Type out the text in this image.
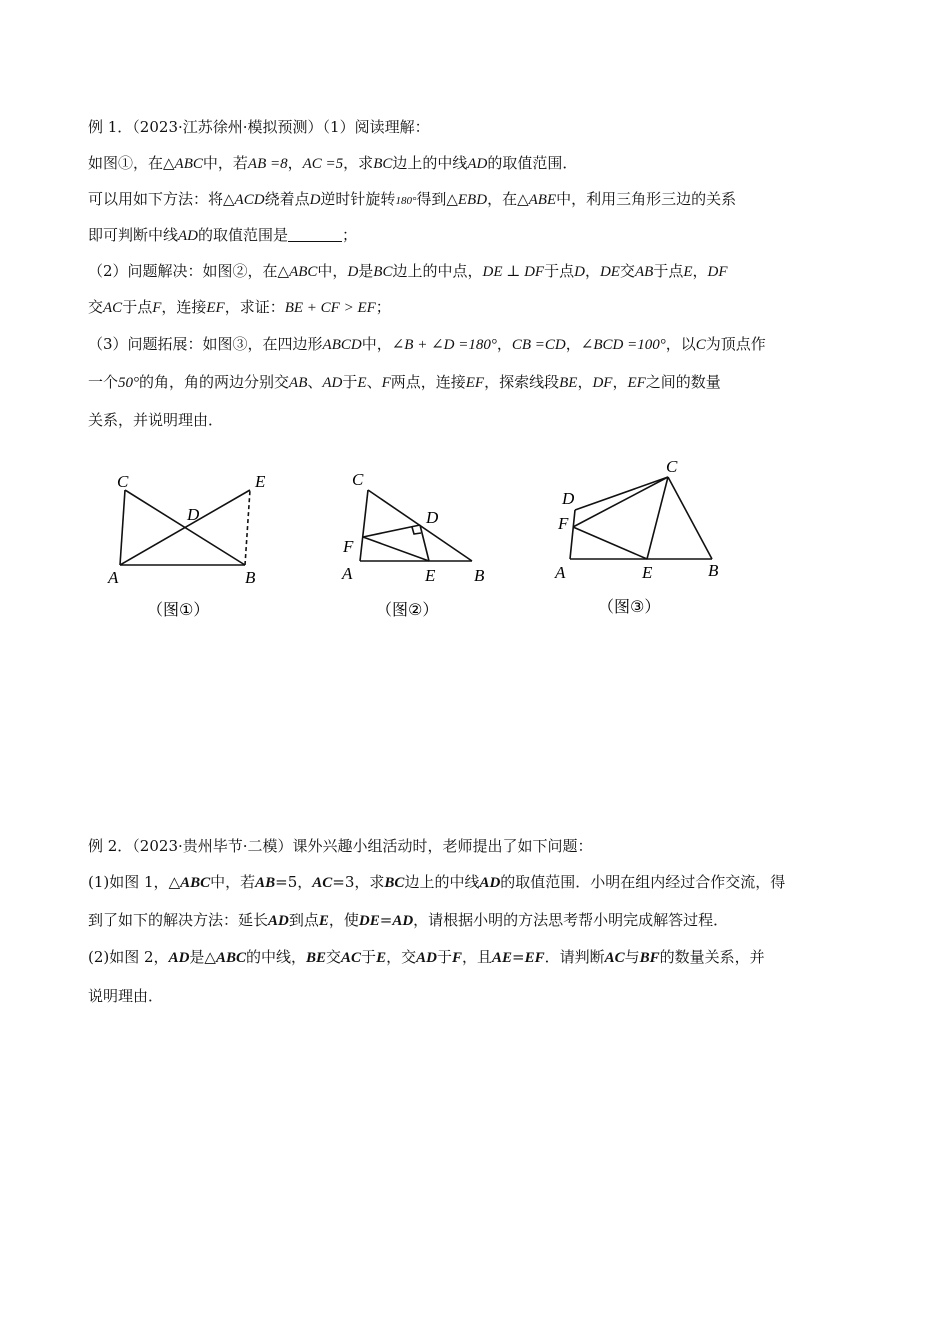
例 1．（2023·江苏徐州·模拟预测）（1）阅读理解：
如图①，在△ABC中，若AB =8，AC =5，求BC边上的中线AD的取值范围．
可以用如下方法：将△ACD绕着点D逆时针旋转180°得到△EBD，在△ABE中，利用三角形三边的关系
即可判断中线AD的取值范围是	；
（2）问题解决：如图②，在△ABC中，D是BC边上的中点，DE ⊥ DF于点D，DE交AB于点E，DF
交AC于点F，连接EF，求证：BE + CF > EF；
（3）问题拓展：如图③，在四边形ABCD中，∠B + ∠D =180°，CB =CD，∠BCD =100°，以C为顶点作
一个50°的角，角的两边分别交AB、AD于E、F两点，连接EF，探索线段BE，DF，EF之间的数量
关系，并说明理由．
C	E
D
A	B
（图①）
C
D
F
A	E B
（图②）
C
D
F
A	E	B
（图③）
例 2．（2023·贵州毕节·二模）课外兴趣小组活动时，老师提出了如下问题：
(1)如图 1，△ABC中，若AB=5，AC=3，求BC边上的中线AD的取值范围．小明在组内经过合作交流，得
到了如下的解决方法：延长AD到点E，使DE=AD，请根据小明的方法思考帮小明完成解答过程．
(2)如图 2，AD是△ABC的中线，BE交AC于E，交AD于F，且AE=EF．请判断AC与BF的数量关系，并
说明理由．
